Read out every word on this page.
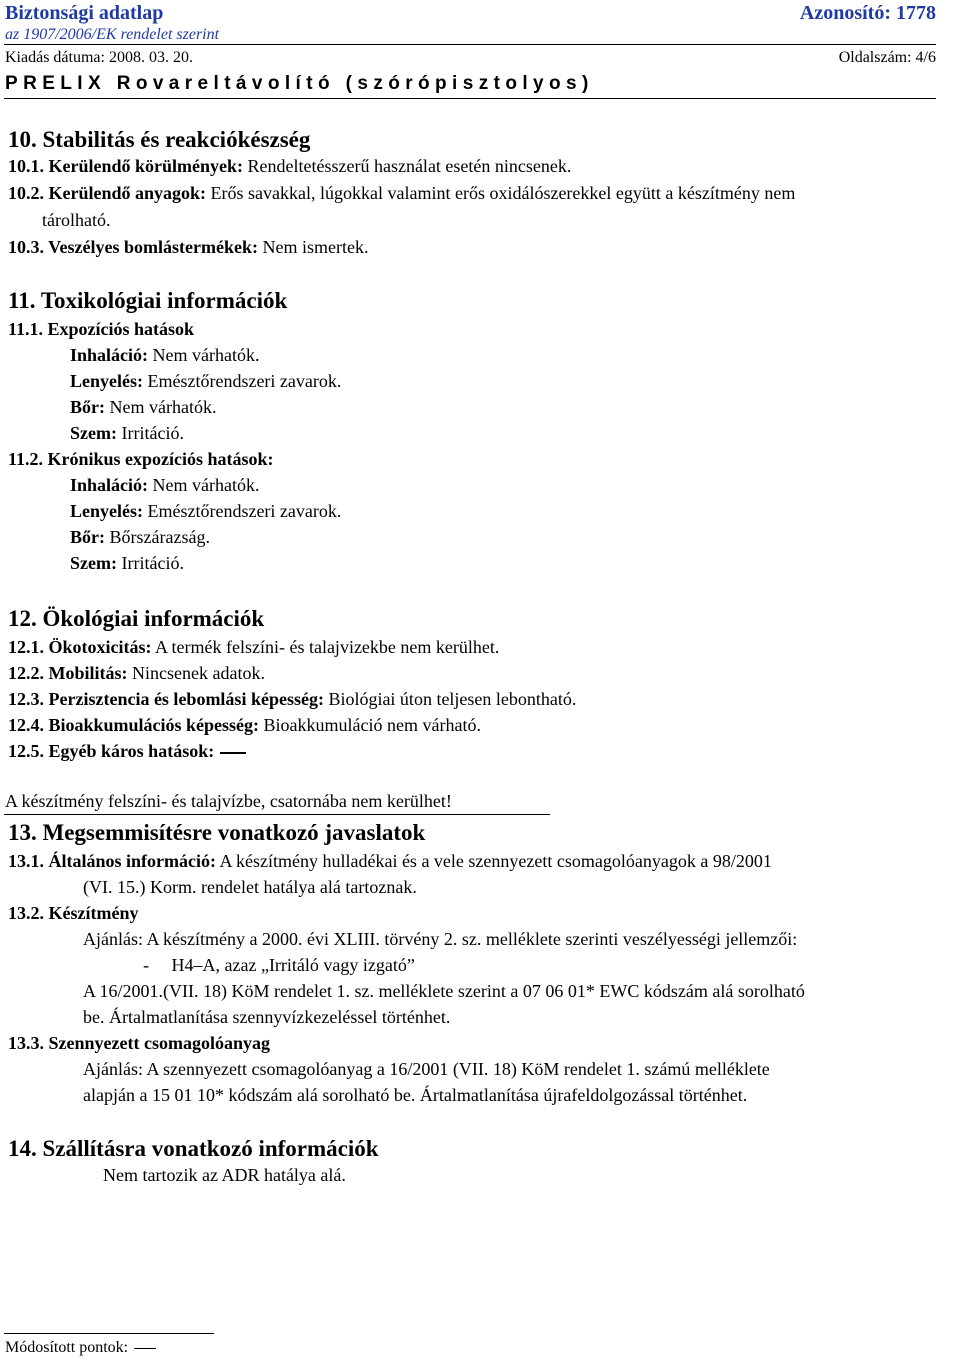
Biztonsági adatlap	Azonosító: 1778
az 1907/2006/EK rendelet szerint
Kiadás dátuma: 2008. 03. 20.	Oldalszám: 4/6
PRELIX Rovareltávolító (szórópisztolyos)
10. Stabilitás és reakciókészség
10.1. Kerülendő körülmények: Rendeltetésszerű használat esetén nincsenek.
10.2. Kerülendő anyagok: Erős savakkal, lúgokkal valamint erős oxidálószerekkel együtt a készítmény nem
tárolható.
10.3. Veszélyes bomlástermékek: Nem ismertek.
11. Toxikológiai információk
11.1. Expozíciós hatások
Inhaláció: Nem várhatók.
Lenyelés: Emésztőrendszeri zavarok.
Bőr: Nem várhatók.
Szem: Irritáció.
11.2. Krónikus expozíciós hatások:
Inhaláció: Nem várhatók.
Lenyelés: Emésztőrendszeri zavarok.
Bőr: Bőrszárazság.
Szem: Irritáció.
12. Ökológiai információk
12.1. Ökotoxicitás: A termék felszíni- és talajvizekbe nem kerülhet.
12.2. Mobilitás: Nincsenek adatok.
12.3. Perzisztencia és lebomlási képesség: Biológiai úton teljesen lebontható.
12.4. Bioakkumulációs képesség: Bioakkumuláció nem várható.
12.5. Egyéb káros hatások:
A készítmény felszíni- és talajvízbe, csatornába nem kerülhet!
13. Megsemmisítésre vonatkozó javaslatok
13.1. Általános információ: A készítmény hulladékai és a vele szennyezett csomagolóanyagok a 98/2001
(VI. 15.) Korm. rendelet hatálya alá tartoznak.
13.2. Készítmény
Ajánlás: A készítmény a 2000. évi XLIII. törvény 2. sz. melléklete szerinti veszélyességi jellemzői:
-     H4–A, azaz „Irritáló vagy izgató”
A 16/2001.(VII. 18) KöM rendelet 1. sz. melléklete szerint a 07 06 01* EWC kódszám alá sorolható
be. Ártalmatlanítása szennyvízkezeléssel történhet.
13.3. Szennyezett csomagolóanyag
Ajánlás: A szennyezett csomagolóanyag a 16/2001 (VII. 18) KöM rendelet 1. számú melléklete
alapján a 15 01 10* kódszám alá sorolható be. Ártalmatlanítása újrafeldolgozással történhet.
14. Szállításra vonatkozó információk
Nem tartozik az ADR hatálya alá.
Módosított pontok:
